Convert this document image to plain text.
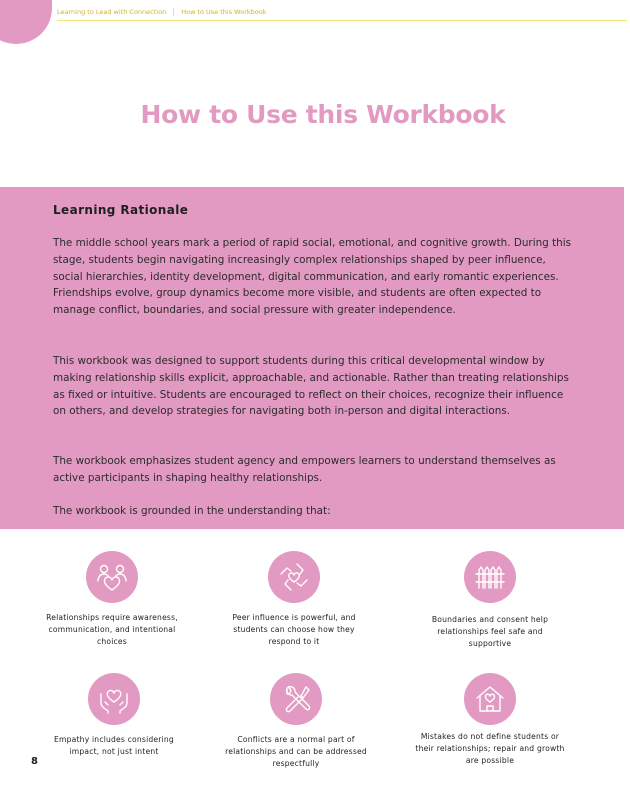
Learning to Lead with Connection How to Use this Workbook
How to Use this Workbook
Learning Rationale

The middle school years mark a period of rapid social, emotional, and cognitive growth. During this stage, students begin navigating increasingly complex relationships shaped by peer influence, social hierarchies, identity development, digital communication, and early romantic experiences. Friendships evolve, group dynamics become more visible, and students are often expected to manage conflict, boundaries, and social pressure with greater independence.

This workbook was designed to support students during this critical developmental window by making relationship skills explicit, approachable, and actionable. Rather than treating relationships as fixed or intuitive. Students are encouraged to reflect on their choices, recognize their influence on others, and develop strategies for navigating both in-person and digital interactions.

The workbook emphasizes student agency and empowers learners to understand themselves as active participants in shaping healthy relationships.

The workbook is grounded in the understanding that:

Relationships require awareness, communication, and intentional choices
Peer influence is powerful, and students can choose how they respond to it
Boundaries and consent help relationships feel safe and supportive
Empathy includes considering impact, not just intent
Conflicts are a normal part of relationships and can be addressed respectfully
Mistakes do not define students or their relationships; repair and growth are possible
8
